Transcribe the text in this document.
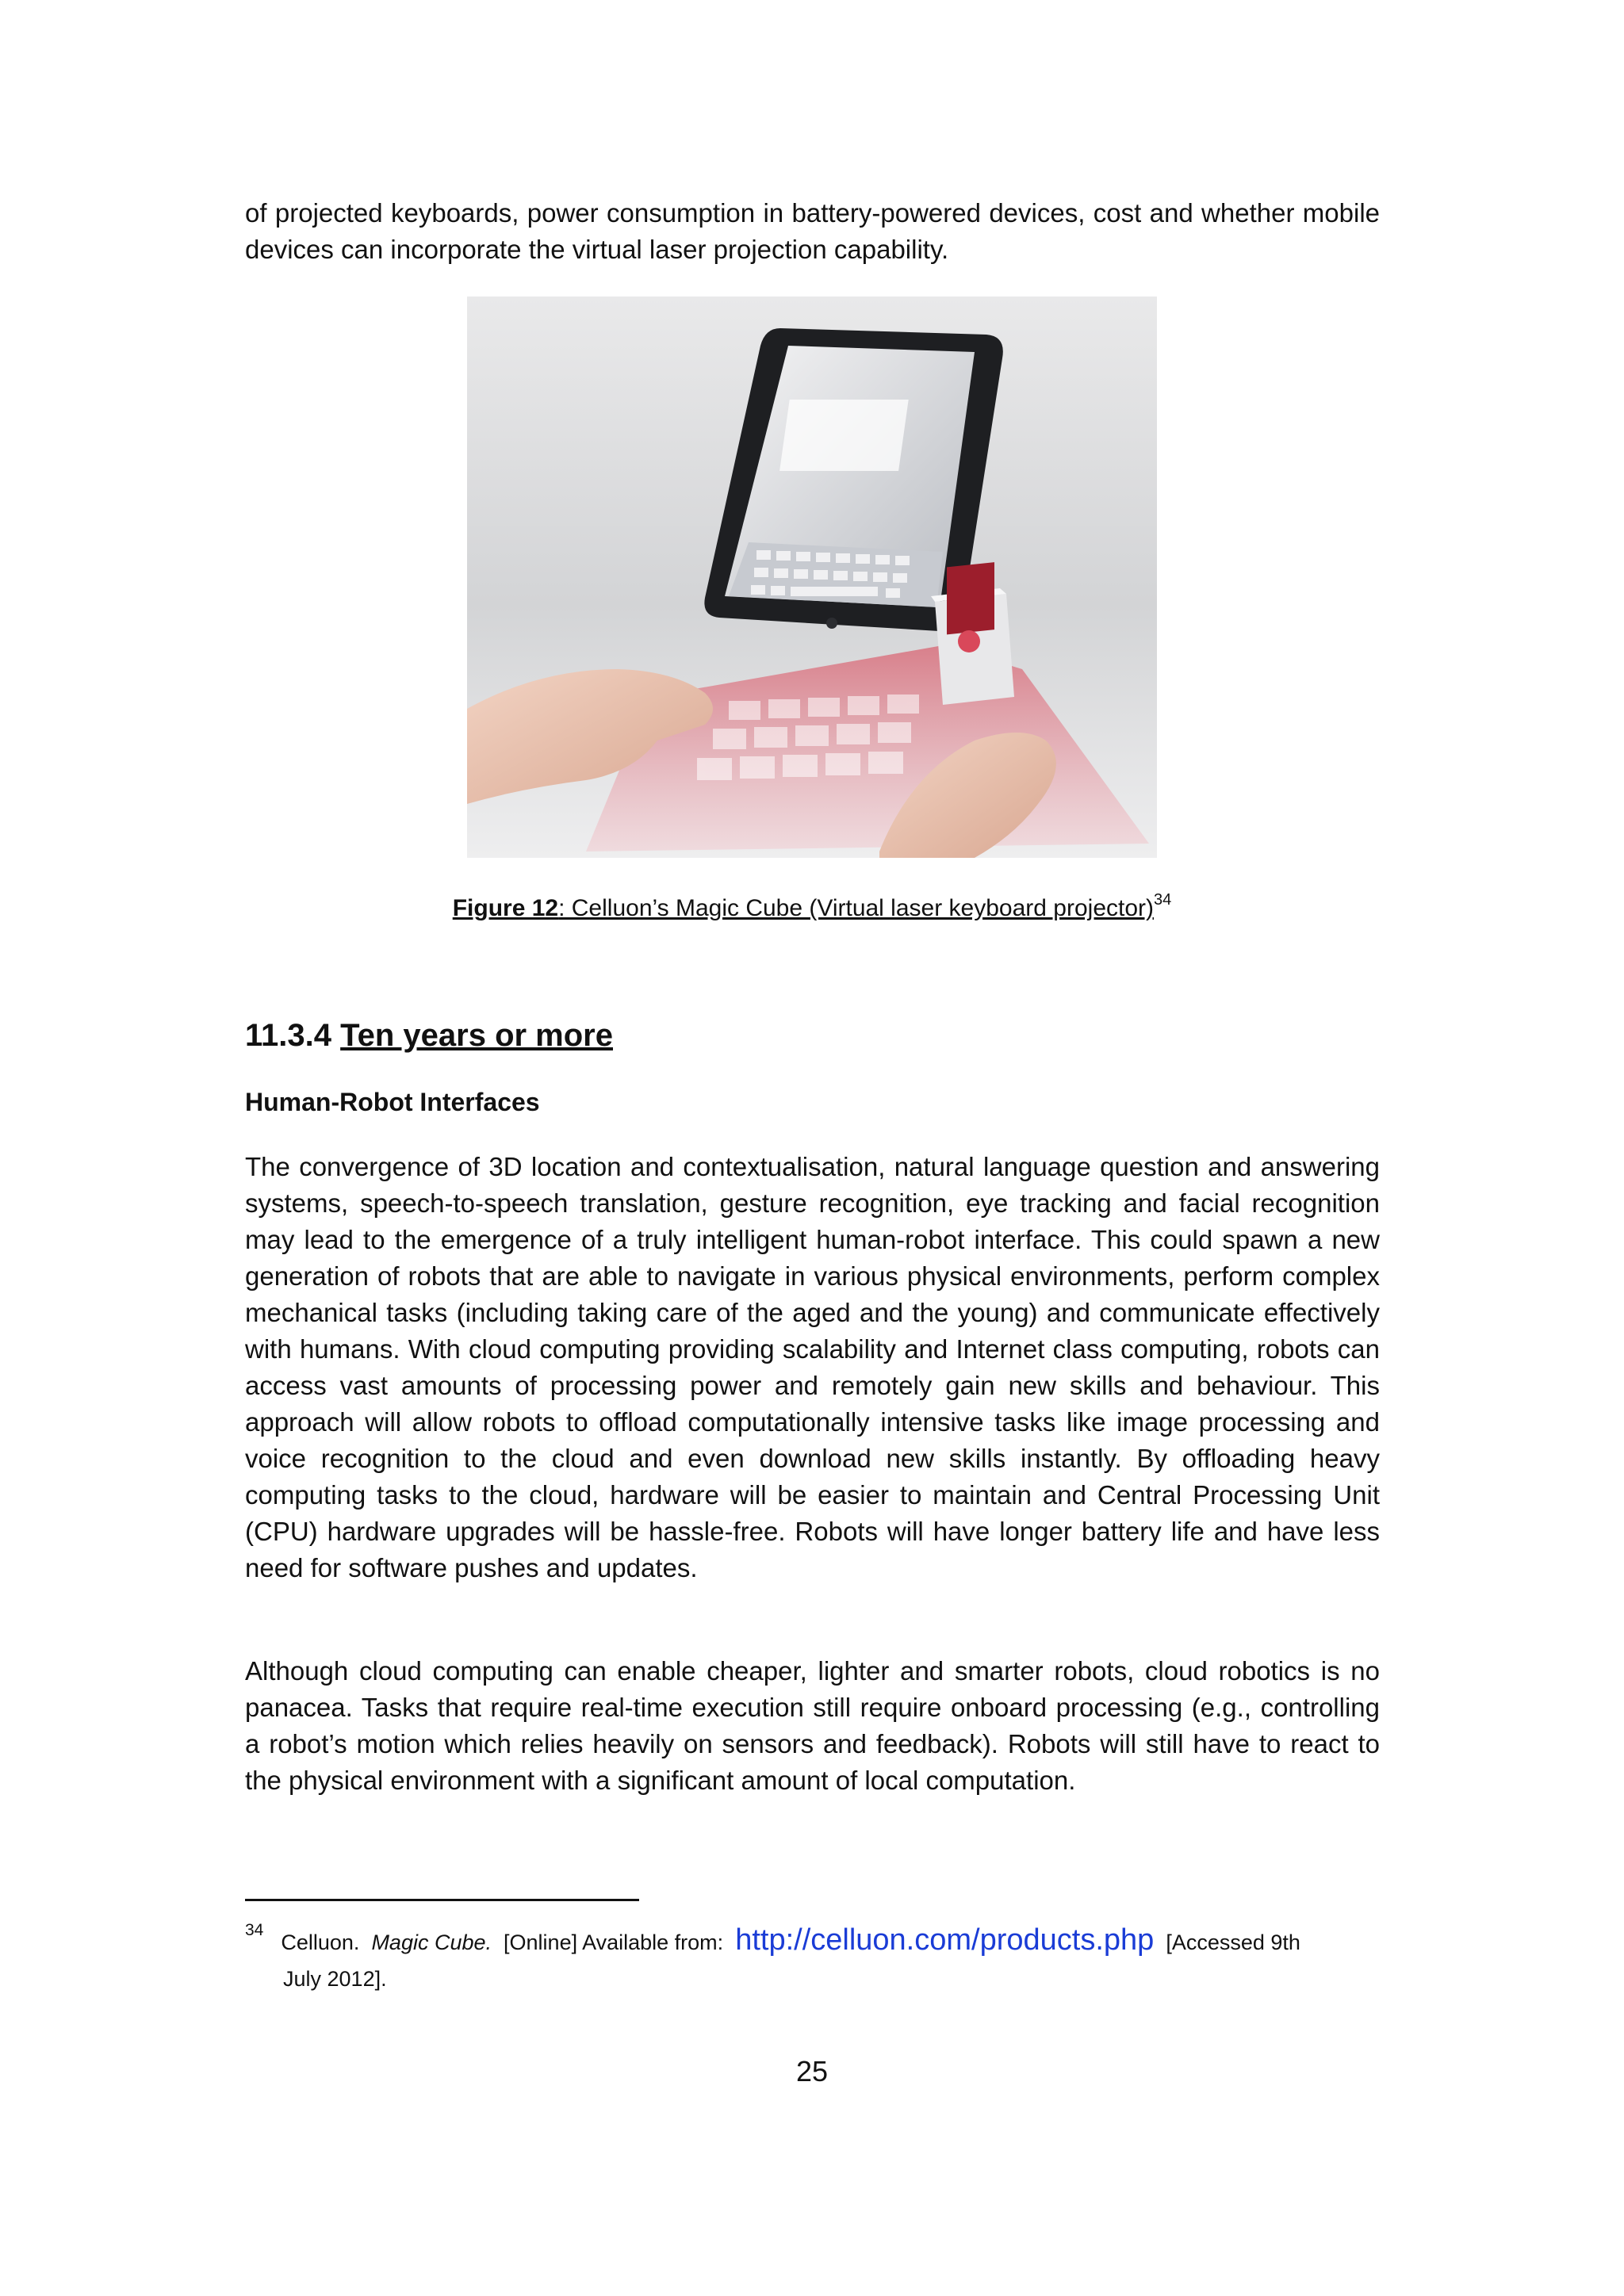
of projected keyboards, power consumption in battery-powered devices, cost and whether mobile devices can incorporate the virtual laser projection capability.

Figure 12: Celluon’s Magic Cube (Virtual laser keyboard projector)$^{34}$
11.3.4 Ten years or more
Human-Robot Interfaces

The convergence of 3D location and contextualisation, natural language question and answering systems, speech-to-speech translation, gesture recognition, eye tracking and facial recognition may lead to the emergence of a truly intelligent human-robot interface. This could spawn a new generation of robots that are able to navigate in various physical environments, perform complex mechanical tasks (including taking care of the aged and the young) and communicate effectively with humans. With cloud computing providing scalability and Internet class computing, robots can access vast amounts of processing power and remotely gain new skills and behaviour. This approach will allow robots to offload computationally intensive tasks like image processing and voice recognition to the cloud and even download new skills instantly. By offloading heavy computing tasks to the cloud, hardware will be easier to maintain and Central Processing Unit (CPU) hardware upgrades will be hassle-free. Robots will have longer battery life and have less need for software pushes and updates.

Although cloud computing can enable cheaper, lighter and smarter robots, cloud robotics is no panacea. Tasks that require real-time execution still require onboard processing (e.g., controlling a robot’s motion which relies heavily on sensors and feedback). Robots will still have to react to the physical environment with a significant amount of local computation.

$^{34}$Celluon. Magic Cube. [Online] Available from: http://celluon.com/products.php [Accessed 9th
July 2012].
25
